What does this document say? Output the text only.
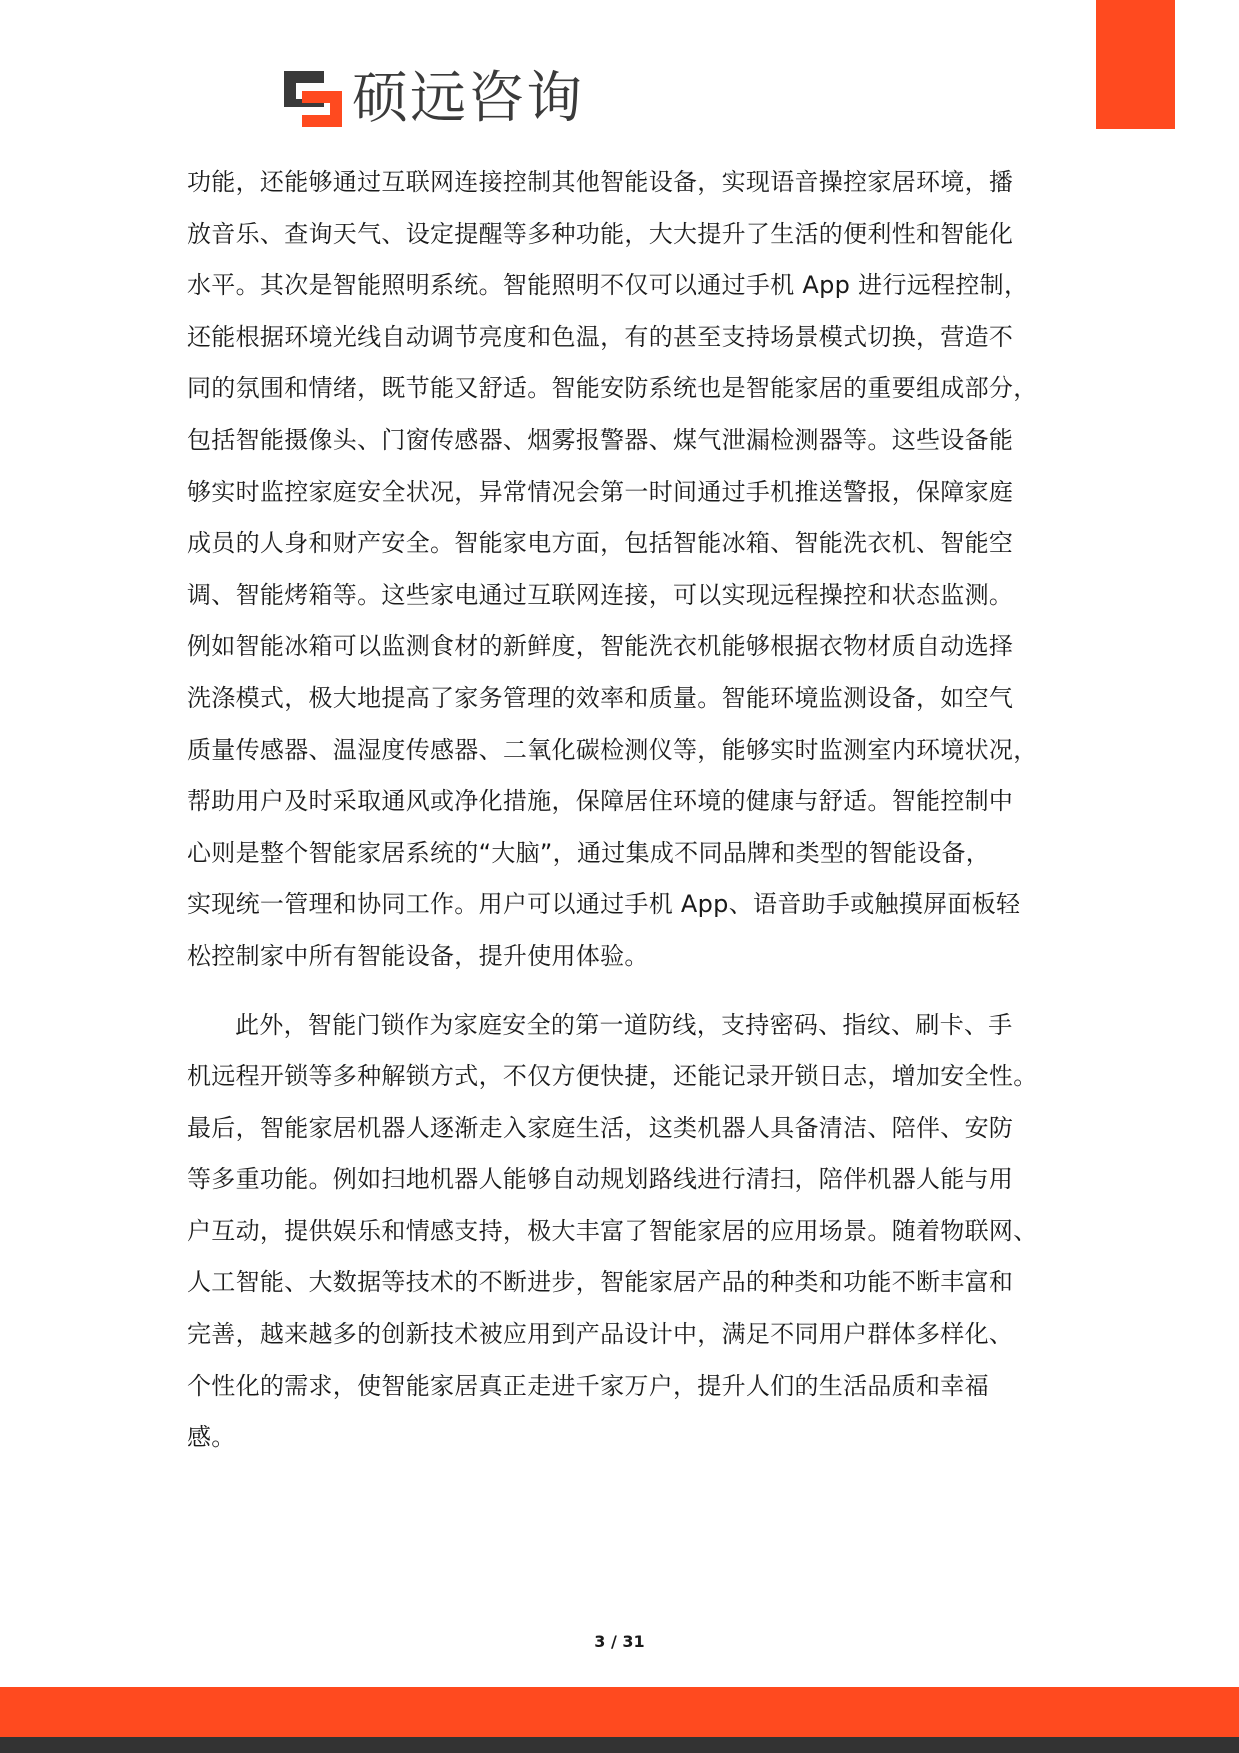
硕远咨询
功能，还能够通过互联网连接控制其他智能设备，实现语音操控家居环境，播
放音乐、查询天气、设定提醒等多种功能，大大提升了生活的便利性和智能化
水平。其次是智能照明系统。智能照明不仅可以通过手机 App 进行远程控制，
还能根据环境光线自动调节亮度和色温，有的甚至支持场景模式切换，营造不
同的氛围和情绪，既节能又舒适。智能安防系统也是智能家居的重要组成部分，
包括智能摄像头、门窗传感器、烟雾报警器、煤气泄漏检测器等。这些设备能
够实时监控家庭安全状况，异常情况会第一时间通过手机推送警报，保障家庭
成员的人身和财产安全。智能家电方面，包括智能冰箱、智能洗衣机、智能空
调、智能烤箱等。这些家电通过互联网连接，可以实现远程操控和状态监测。
例如智能冰箱可以监测食材的新鲜度，智能洗衣机能够根据衣物材质自动选择
洗涤模式，极大地提高了家务管理的效率和质量。智能环境监测设备，如空气
质量传感器、温湿度传感器、二氧化碳检测仪等，能够实时监测室内环境状况，
帮助用户及时采取通风或净化措施，保障居住环境的健康与舒适。智能控制中
心则是整个智能家居系统的“大脑”，通过集成不同品牌和类型的智能设备，
实现统一管理和协同工作。用户可以通过手机 App、语音助手或触摸屏面板轻
松控制家中所有智能设备，提升使用体验。
此外，智能门锁作为家庭安全的第一道防线，支持密码、指纹、刷卡、手
机远程开锁等多种解锁方式，不仅方便快捷，还能记录开锁日志，增加安全性。
最后，智能家居机器人逐渐走入家庭生活，这类机器人具备清洁、陪伴、安防
等多重功能。例如扫地机器人能够自动规划路线进行清扫，陪伴机器人能与用
户互动，提供娱乐和情感支持，极大丰富了智能家居的应用场景。随着物联网、
人工智能、大数据等技术的不断进步，智能家居产品的种类和功能不断丰富和
完善，越来越多的创新技术被应用到产品设计中，满足不同用户群体多样化、
个性化的需求，使智能家居真正走进千家万户，提升人们的生活品质和幸福
感。
3 / 31
